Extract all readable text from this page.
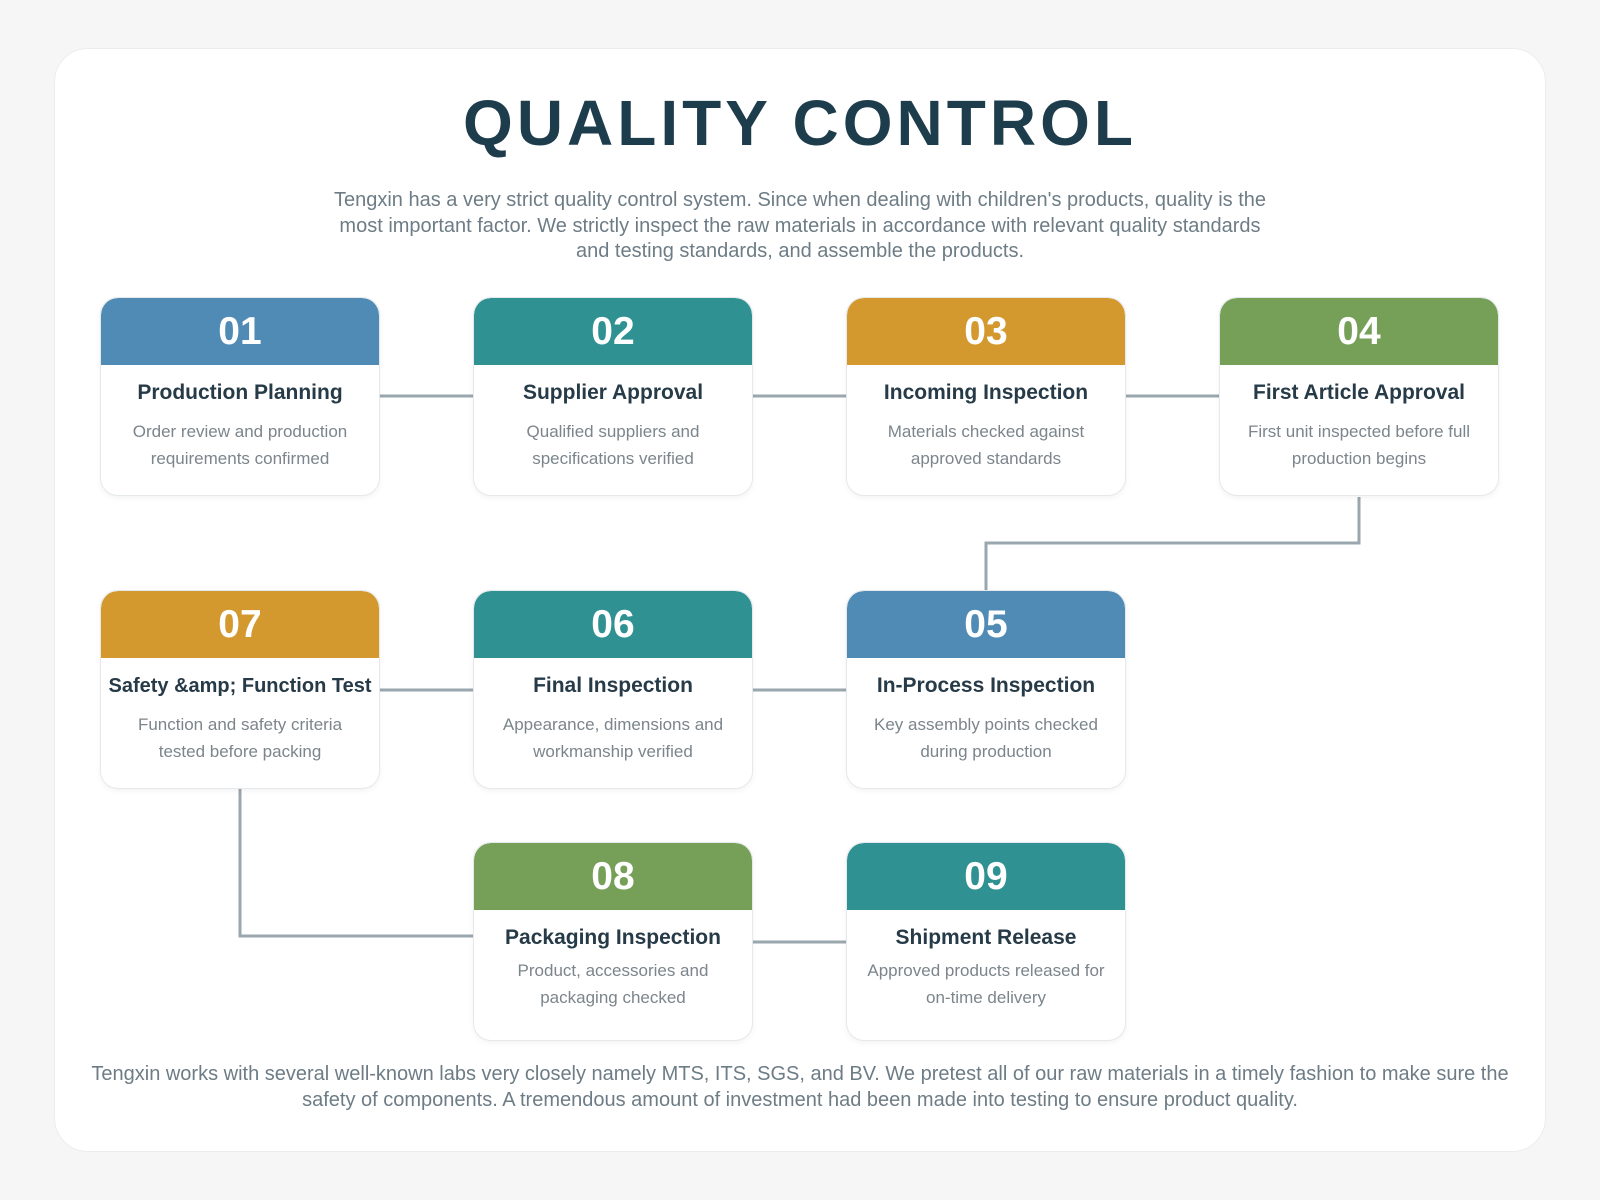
QUALITY CONTROL
Tengxin has a very strict quality control system. Since when dealing with children's products, quality is the most important factor. We strictly inspect the raw materials in accordance with relevant quality standards and testing standards, and assemble the products.
01
Production Planning
Order review and production requirements confirmed
02
Supplier Approval
Qualified suppliers and specifications verified
03
Incoming Inspection
Materials checked against approved standards
04
First Article Approval
First unit inspected before full production begins
05
In-Process Inspection
Key assembly points checked during production
06
Final Inspection
Appearance, dimensions and workmanship verified
07
Safety &amp; Function Test
Function and safety criteria tested before packing
08
Packaging Inspection
Product, accessories and packaging checked
09
Shipment Release
Approved products released for on-time delivery
Tengxin works with several well-known labs very closely namely MTS, ITS, SGS, and BV. We pretest all of our raw materials in a timely fashion to make sure the safety of components. A tremendous amount of investment had been made into testing to ensure product quality.
